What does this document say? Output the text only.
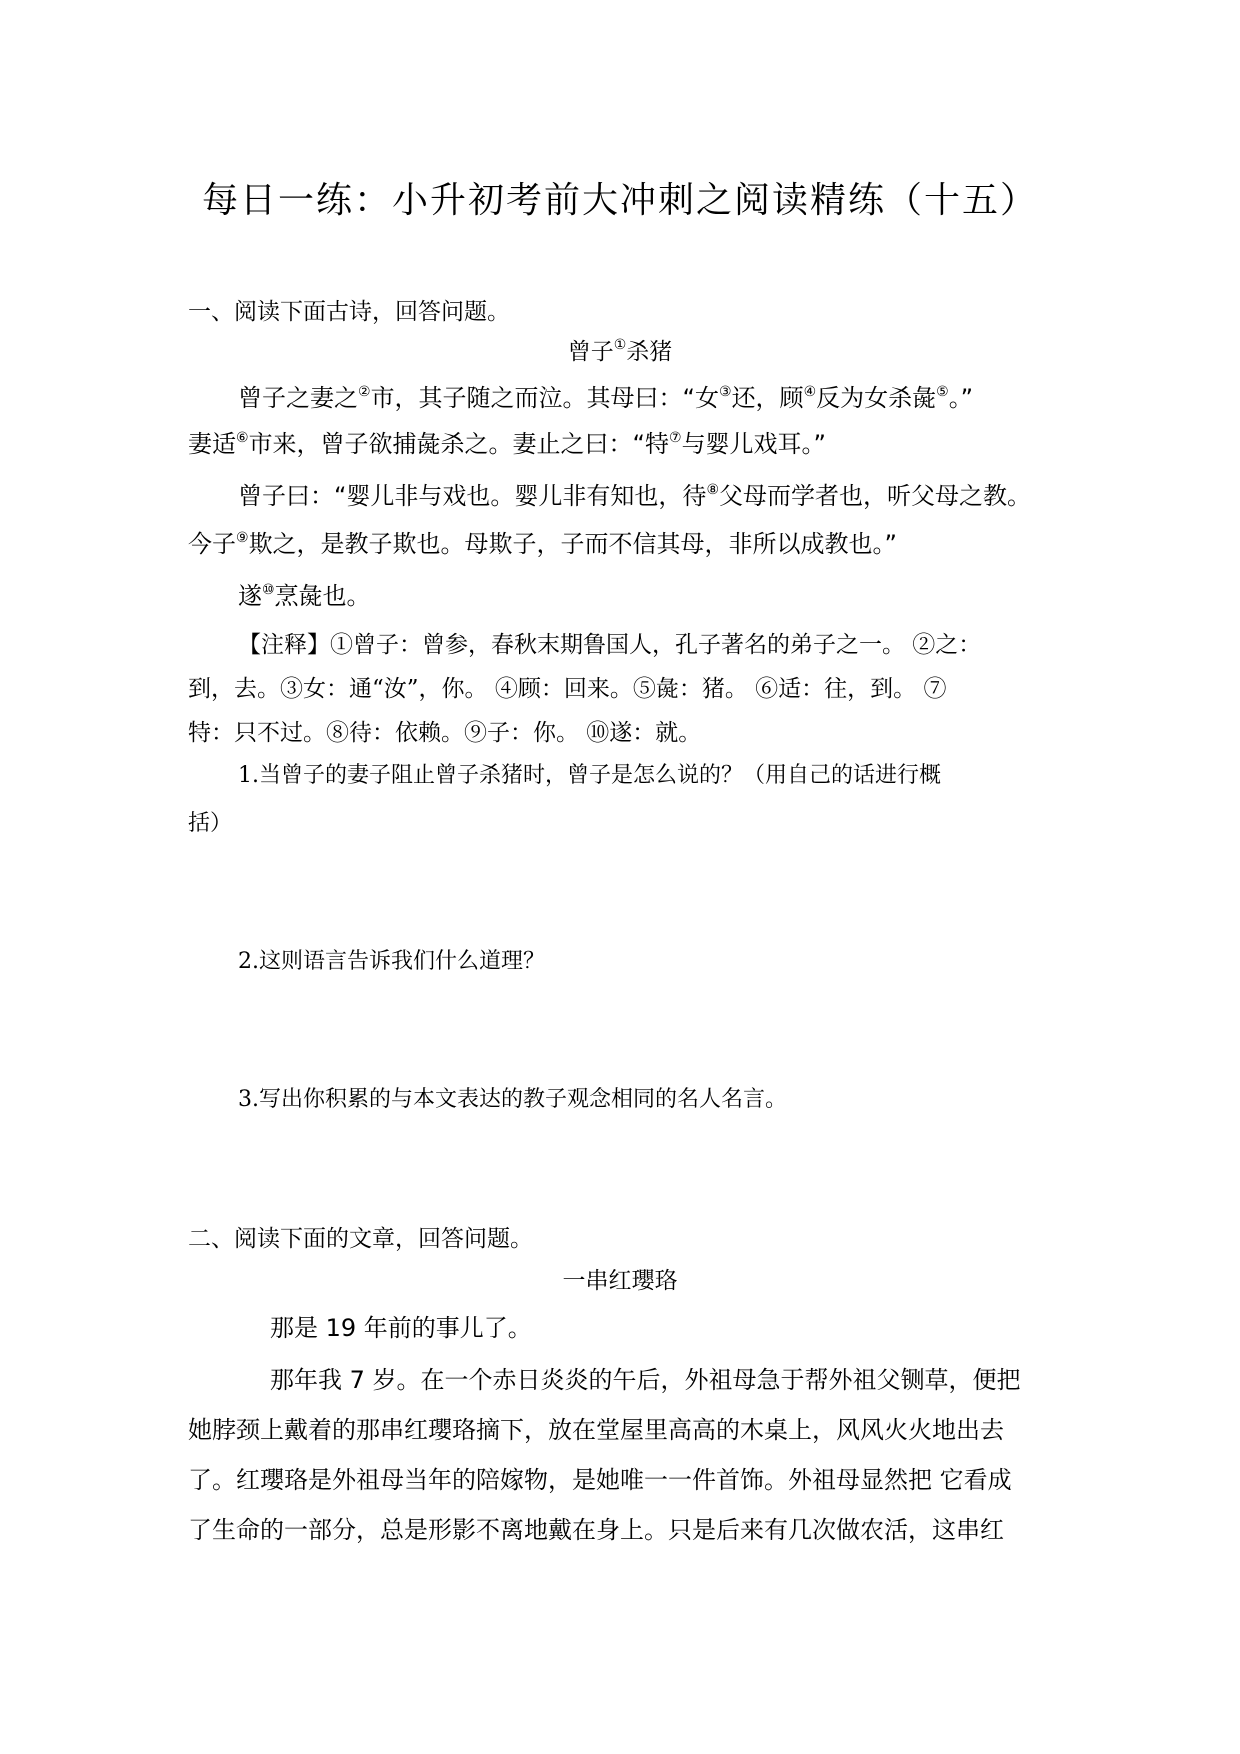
每日一练：小升初考前大冲刺之阅读精练（十五）
一、阅读下面古诗，回答问题。
曾子①杀猪
曾子之妻之②市，其子随之而泣。其母曰：“女③还，顾④反为女杀彘⑤。”
妻适⑥市来，曾子欲捕彘杀之。妻止之曰：“特⑦与婴儿戏耳。”
曾子曰：“婴儿非与戏也。婴儿非有知也，待⑧父母而学者也，听父母之教。
今子⑨欺之，是教子欺也。母欺子，子而不信其母，非所以成教也。”
遂⑩烹彘也。
【注释】①曾子：曾参，春秋末期鲁国人，孔子著名的弟子之一。 ②之：
到，去。③女：通“汝”，你。 ④顾：回来。⑤彘：猪。 ⑥适：往，到。 ⑦
特：只不过。⑧待：依赖。⑨子：你。 ⑩遂：就。
1.当曾子的妻子阻止曾子杀猪时，曾子是怎么说的？（用自己的话进行概
括）
2.这则语言告诉我们什么道理？
3.写出你积累的与本文表达的教子观念相同的名人名言。
二、阅读下面的文章，回答问题。
一串红瓔珞
那是 19 年前的事儿了。
那年我 7 岁。在一个赤日炎炎的午后，外祖母急于帮外祖父铡草，便把
她脖颈上戴着的那串红瓔珞摘下，放在堂屋里高高的木桌上，风风火火地出去
了。红瓔珞是外祖母当年的陪嫁物，是她唯一一件首饰。外祖母显然把 它看成
了生命的一部分，总是形影不离地戴在身上。只是后来有几次做农活，这串红
